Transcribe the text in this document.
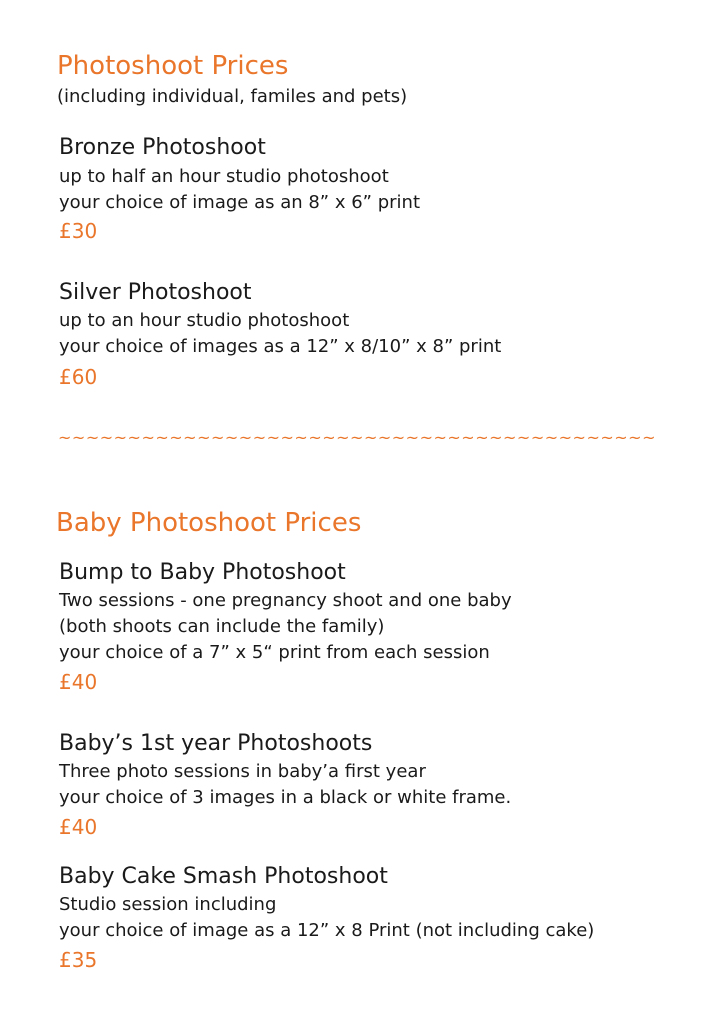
Photoshoot Prices
(including individual, familes and pets)
Bronze Photoshoot
up to half an hour studio photoshoot
your choice of image as an 8” x 6” print
£30
Silver Photoshoot
up to an hour studio photoshoot
your choice of images as a 12” x 8/10” x 8” print
£60
~~~~~~~~~~~~~~~~~~~~~~~~~~~~~~~~~~~~~~~~~~~
Baby Photoshoot Prices
Bump to Baby Photoshoot
Two sessions - one pregnancy shoot and one baby
(both shoots can include the family)
your choice of a 7” x 5“ print from each session
£40
Baby’s 1st year Photoshoots
Three photo sessions in baby’a first year
your choice of 3 images in a black or white frame.
£40
Baby Cake Smash Photoshoot
Studio session including
your choice of image as a 12” x 8 Print (not including cake)
£35
